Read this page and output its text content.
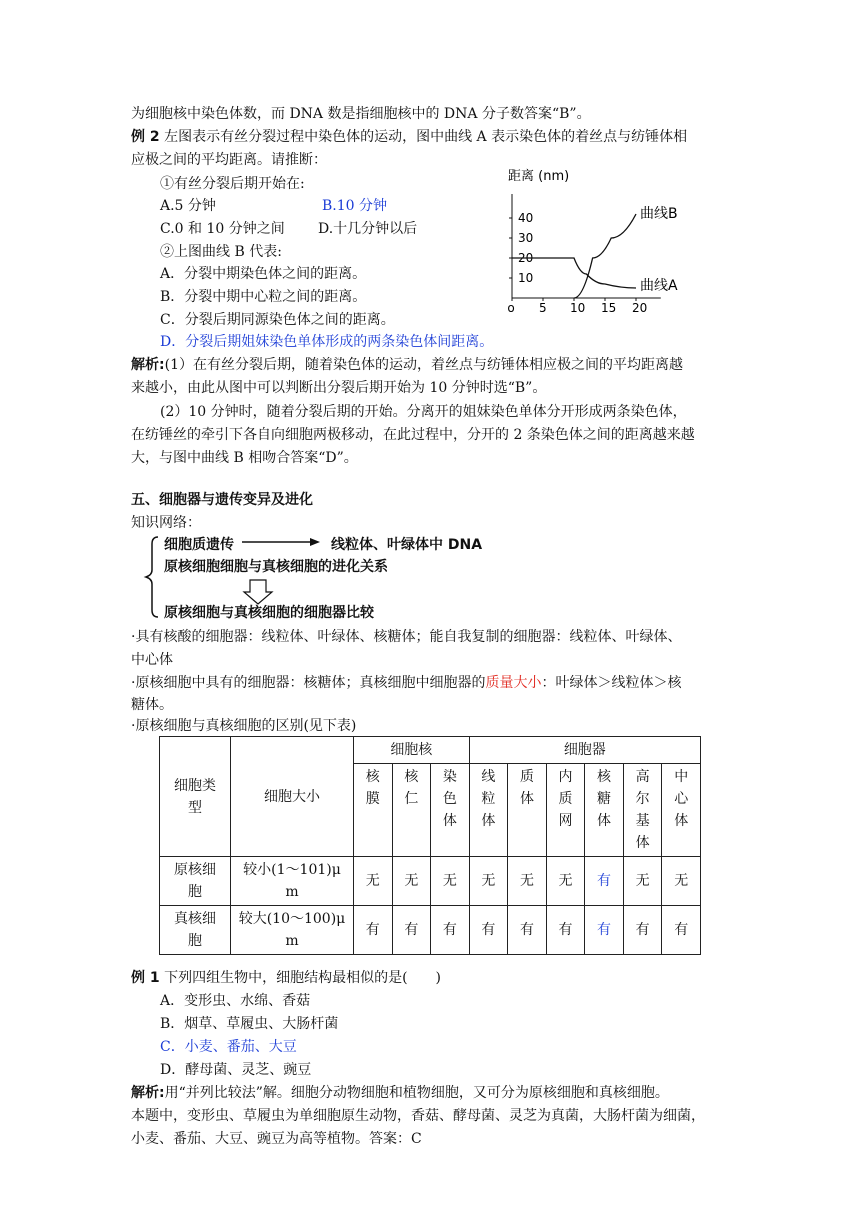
为细胞核中染色体数，而 DNA 数是指细胞核中的 DNA 分子数答案“B”。
例 2 左图表示有丝分裂过程中染色体的运动，图中曲线 A 表示染色体的着丝点与纺锤体相
应极之间的平均距离。请推断：
①有丝分裂后期开始在:
A.5 分钟	B.10 分钟
C.0 和 10 分钟之间 D.十几分钟以后
②上图曲线 B 代表:
A．分裂中期染色体之间的距离。
B．分裂中期中心粒之间的距离。
C．分裂后期同源染色体之间的距离。
D．分裂后期姐妹染色单体形成的两条染色体间距离。
解析:(1）在有丝分裂后期，随着染色体的运动，着丝点与纺锤体相应极之间的平均距离越
来越小，由此从图中可以判断出分裂后期开始为 10 分钟时选“B”。
(2）10 分钟时，随着分裂后期的开始。分离开的姐妹染色单体分开形成两条染色体，
在纺锤丝的牵引下各自向细胞两极移动，在此过程中，分开的 2 条染色体之间的距离越来越
大，与图中曲线 B 相吻合答案“D”。
距离 (nm)
10
20
30
40
o 5 10 15 20
曲线A
曲线B
五、细胞器与遗传变异及进化
知识网络：
细胞质遗传	线粒体、叶绿体中 DNA
原核细胞细胞与真核细胞的进化关系
原核细胞与真核细胞的细胞器比较
·具有核酸的细胞器：线粒体、叶绿体、核糖体；能自我复制的细胞器：线粒体、叶绿体、
中心体
·原核细胞中具有的细胞器：核糖体；真核细胞中细胞器的质量大小：叶绿体＞线粒体＞核
糖体。
·原核细胞与真核细胞的区别(见下表)
细胞类型	细胞大小	细胞核			细胞器					

		核膜	核仁	染色体	线粒体	质体	内质网	核糖体	高尔基体	中心体

原核细胞	较小(1～101)μm	无	无	无	无	无	无	有	无	无

真核细胞	较大(10～100)μm	有	有	有	有	有	有	有	有	有
例 1 下列四组生物中，细胞结构最相似的是(　　)
A．变形虫、水绵、香菇
B．烟草、草履虫、大肠杆菌
C．小麦、番茄、大豆
D．酵母菌、灵芝、豌豆
解析:用“并列比较法”解。细胞分动物细胞和植物细胞，又可分为原核细胞和真核细胞。
本题中，变形虫、草履虫为单细胞原生动物，香菇、酵母菌、灵芝为真菌，大肠杆菌为细菌，
小麦、番茄、大豆、豌豆为高等植物。答案：C
